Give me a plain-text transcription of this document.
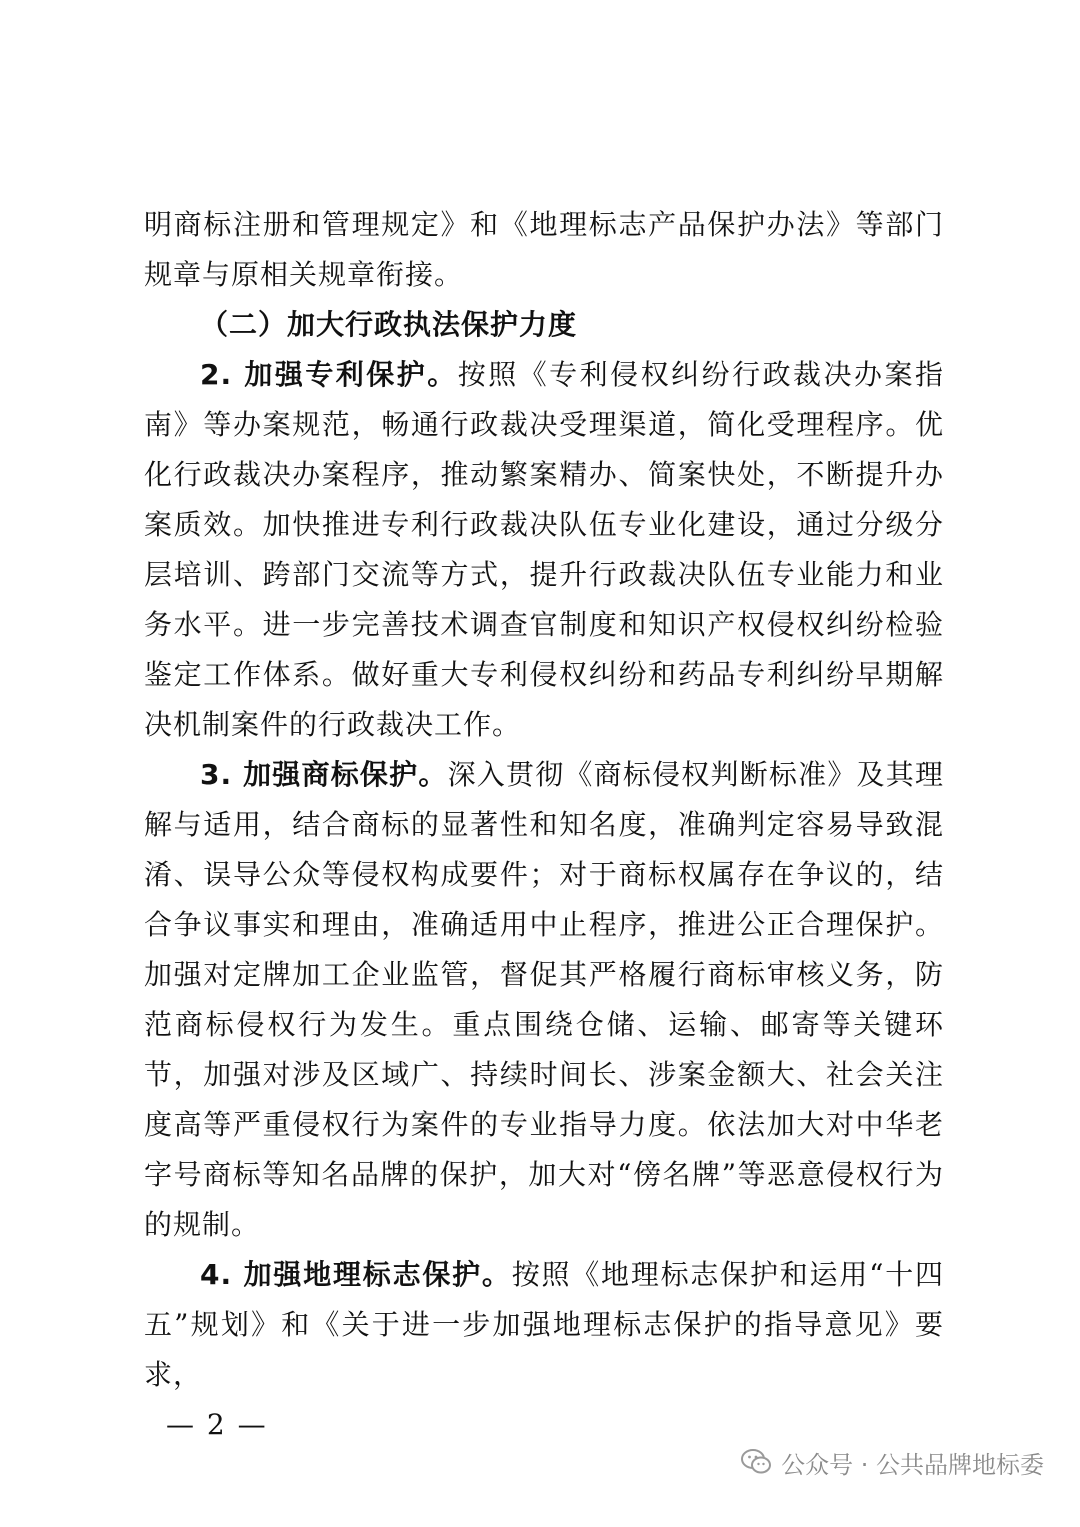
明商标注册和管理规定》和《地理标志产品保护办法》等部门规章与原相关规章衔接。

（二）加大行政执法保护力度

2. 加强专利保护。按照《专利侵权纠纷行政裁决办案指南》等办案规范，畅通行政裁决受理渠道，简化受理程序。优化行政裁决办案程序，推动繁案精办、简案快处，不断提升办案质效。加快推进专利行政裁决队伍专业化建设，通过分级分层培训、跨部门交流等方式，提升行政裁决队伍专业能力和业务水平。进一步完善技术调查官制度和知识产权侵权纠纷检验鉴定工作体系。做好重大专利侵权纠纷和药品专利纠纷早期解决机制案件的行政裁决工作。

3. 加强商标保护。深入贯彻《商标侵权判断标准》及其理解与适用，结合商标的显著性和知名度，准确判定容易导致混淆、误导公众等侵权构成要件；对于商标权属存在争议的，结合争议事实和理由，准确适用中止程序，推进公正合理保护。加强对定牌加工企业监管，督促其严格履行商标审核义务，防范商标侵权行为发生。重点围绕仓储、运输、邮寄等关键环节，加强对涉及区域广、持续时间长、涉案金额大、社会关注度高等严重侵权行为案件的专业指导力度。依法加大对中华老字号商标等知名品牌的保护，加大对“傍名牌”等恶意侵权行为的规制。

4. 加强地理标志保护。按照《地理标志保护和运用“十四五”规划》和《关于进一步加强地理标志保护的指导意见》要求，

— 2 —
公众号 · 公共品牌地标委
